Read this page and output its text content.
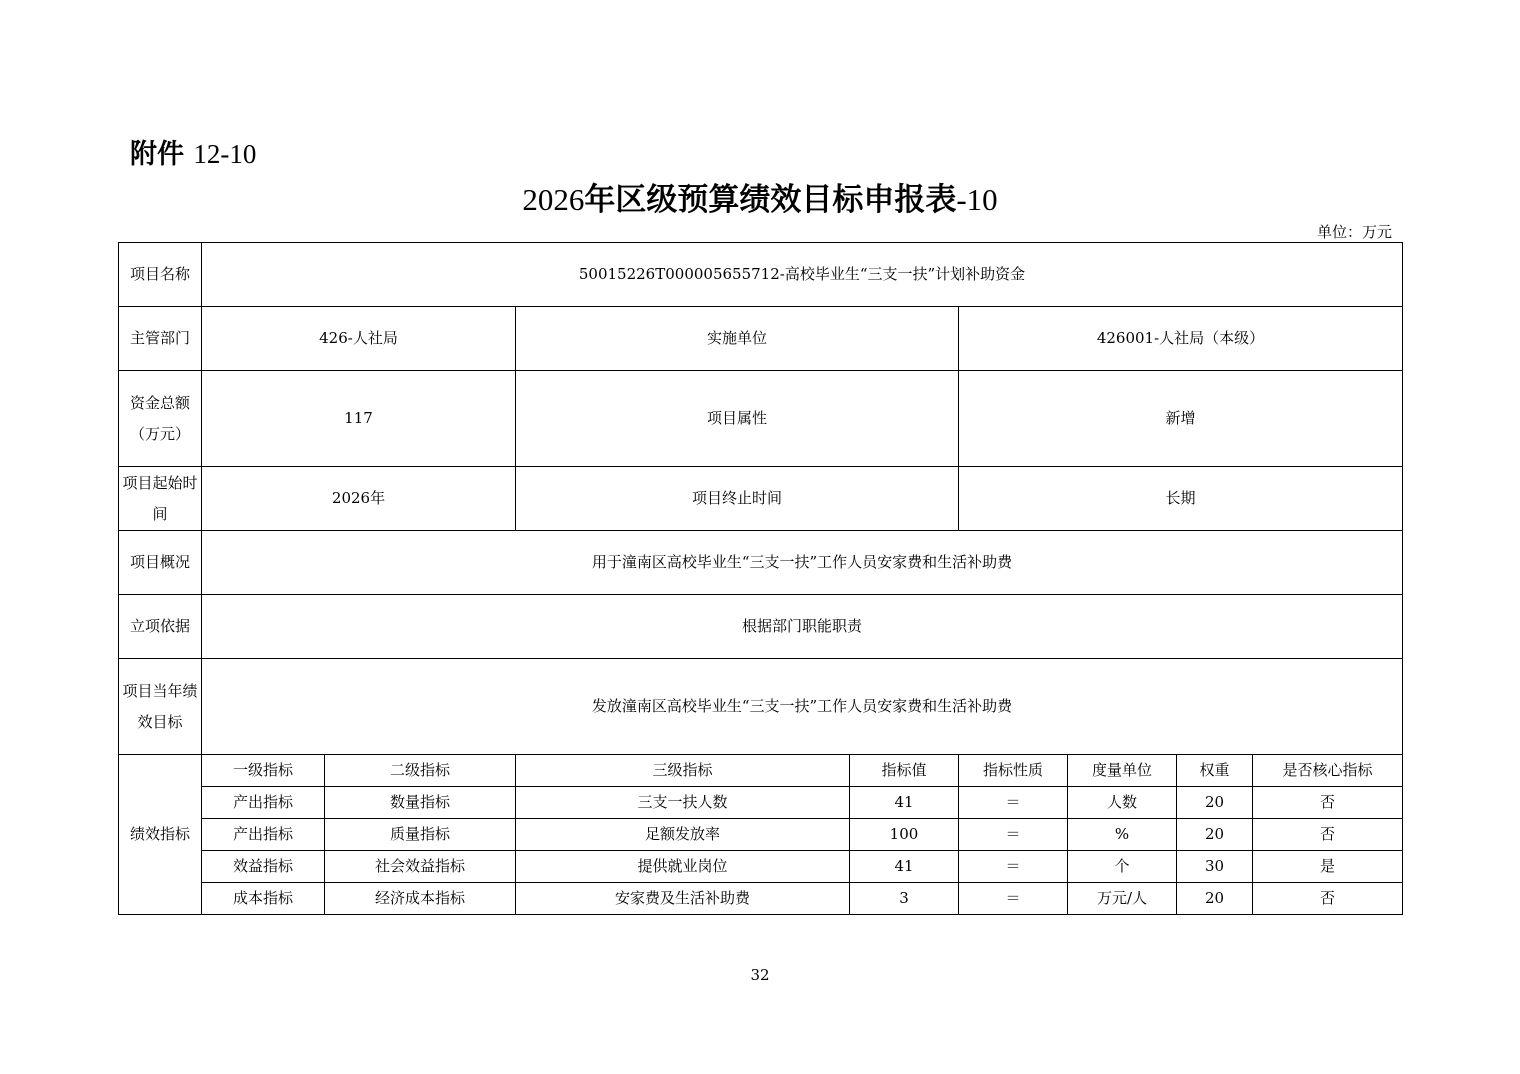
附件 12-10
2026年区级预算绩效目标申报表-10
单位：万元
项目名称	50015226T000005655712-高校毕业生“三支一扶”计划补助资金							
主管部门	426-人社局		实施单位		426001-人社局（本级）			
资金总额（万元）	117		项目属性		新增			
项目起始时间	2026年		项目终止时间		长期			
项目概况	用于潼南区高校毕业生“三支一扶”工作人员安家费和生活补助费							
立项依据	根据部门职能职责							
项目当年绩效目标	发放潼南区高校毕业生“三支一扶”工作人员安家费和生活补助费							
绩效指标	一级指标	二级指标	三级指标	指标值	指标性质	度量单位	权重	是否核心指标
	产出指标	数量指标	三支一扶人数	41	＝	人数	20	否
	产出指标	质量指标	足额发放率	100	＝	%	20	否
	效益指标	社会效益指标	提供就业岗位	41	＝	个	30	是
	成本指标	经济成本指标	安家费及生活补助费	3	＝	万元/人	20	否
32
